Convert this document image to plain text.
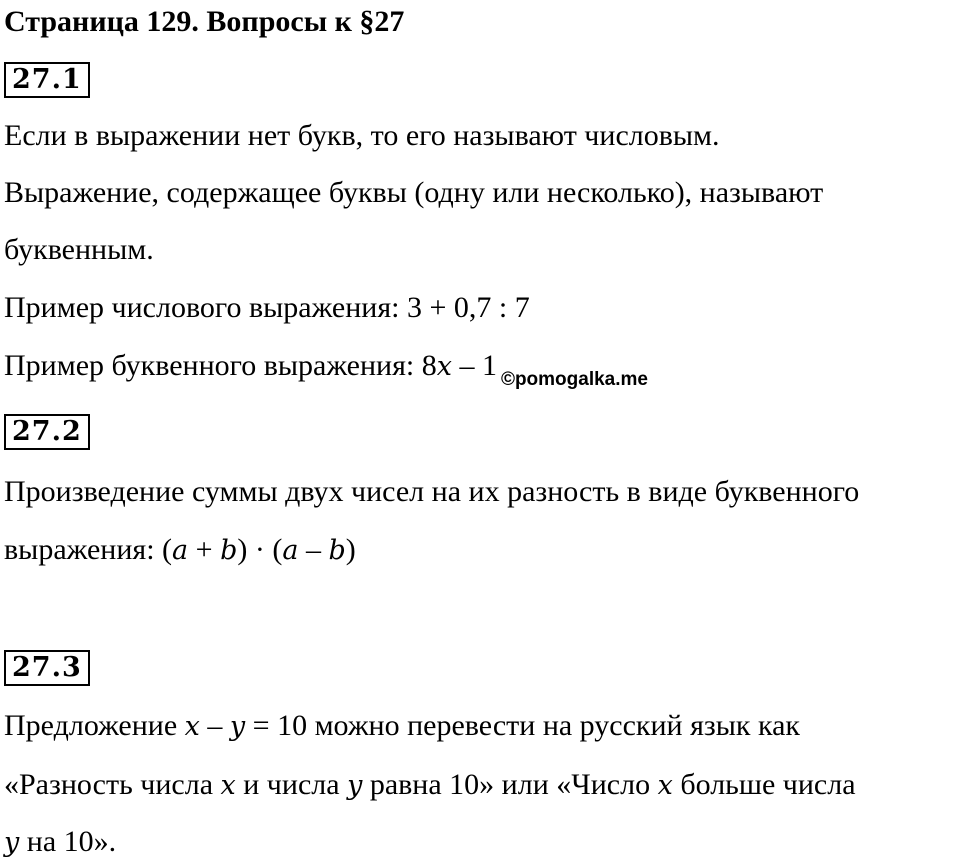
Страница 129. Вопросы к §27
27.1
Если в выражении нет букв, то его называют числовым.
Выражение, содержащее буквы (одну или несколько), называют
буквенным.
Пример числового выражения: 3 + 0,7 : 7
Пример буквенного выражения: 8x – 1 $_{©pomogalka.me}$
27.2
Произведение суммы двух чисел на их разность в виде буквенного
выражения: (a + b) · (a – b)
27.3
Предложение x – y = 10 можно перевести на русский язык как
«Разность числа x и числа y равна 10» или «Число x больше числа
y на 10».
